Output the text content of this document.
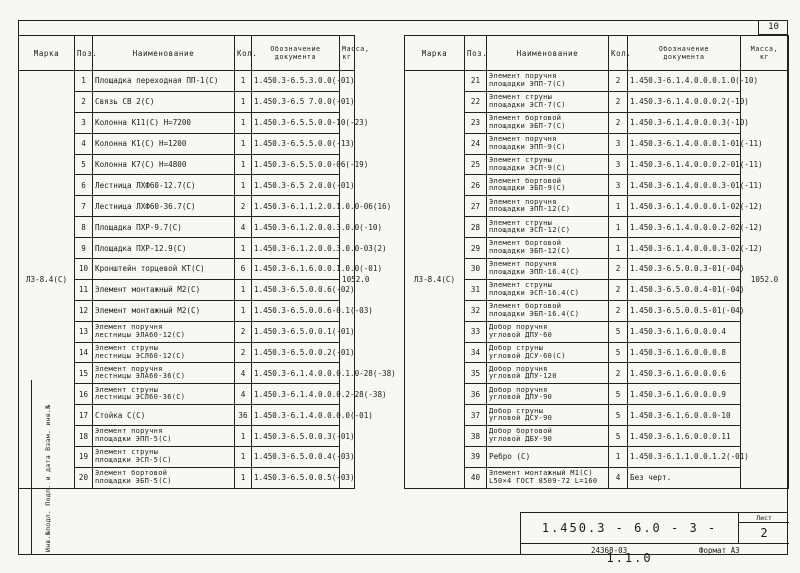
10
Инв.№подл. Подп. и дата Взам. инв.№
Марка	Поз.	Наименование	Кол.	Обозначение
документа	Масса,
кг

ЛЗ-8.4(С)	1	Площадка переходная ПП-1(С)	1	1.450.3-6.5.3.0.0(-01)	1052.0
	2	Связь СВ 2(С)	1	1.450.3-6.5 7.0.0(-01)	
	3	Колонна К11(С) Н=7200	1	1.450.3-6.5.5.0.0-10(-23)	
	4	Колонна К1(С) Н=1200	1	1.450.3-6.5.5.0.0(-13)	
	5	Колонна К7(С) Н=4800	1	1.450.3-6.5.5.0.0-06(-19)	
	6	Лестница ЛХФ60-12.7(С)	1	1.450.3-6.5 2.0.0(-01)	
	7	Лестница ЛХФ60-36.7(С)	2	1.450.3-6.1.1.2.0.1.0.0-06(16)	
	8	Площадка ПХР-9.7(С)	4	1.450.3-6.1.2.0.0.3.0.0(-10)	
	9	Площадка ПХР-12.9(С)	1	1.450.3-6.1.2.0.0.3.0.0-03(2)	
	10	Кронштейн торцевой КТ(С)	6	1.450.3-6.1.6.0.0.1.0.0(-01)	
	11	Элемент монтажный М2(С)	1	1.450.3-6.5.0.0.6(-02)	
	12	Элемент монтажный М2(С)	1	1.450.3-6.5.0.0.6-0.1(-03)	
	13	Элемент поручня
лестницы ЭЛА60-12(С)	2	1.450.3-6.5.0.0.1(-01)	
	14	Элемент струны
лестницы ЭСЛ60-12(С)	2	1.450.3-6.5.0.0.2(-01)	
	15	Элемент поручня
лестницы ЭЛА60-36(С)	4	1.450.3-6.1.4.0.0.0.1.0-28(-38)	
	16	Элемент струны
лестницы ЭСЛ60-36(С)	4	1.450.3-6.1.4.0.0.0.2-28(-38)	
	17	Стойка С(С)	36	1.450.3-6.1.4.0.0.0.0(-01)	
	18	Элемент поручня
площадки ЭПП-5(С)	1	1.450.3-6.5.0.0.3(-01)	
	19	Элемент струны
площадки ЭСП-5(С)	1	1.450.3-6.5.0.0.4(-03)	
	20	Элемент бортовой
площадки ЭБП-5(С)	1	1.450.3-6.5.0.0.5(-03)	
Марка	Поз.	Наименование	Кол.	Обозначение
документа	Масса,
кг

ЛЗ-8.4(С)	21	Элемент поручня
площадки ЭПП-7(С)	2	1.450.3-6.1.4.0.0.0.1.0(-10)	1052.0
	22	Элемент струны
площадки ЭСП-7(С)	2	1.450.3-6.1.4.0.0.0.2(-10)	
	23	Элемент бортовой
площадки ЭБП-7(С)	2	1.450.3-6.1.4.0.0.0.3(-10)	
	24	Элемент поручня
площадки ЭПП-9(С)	3	1.450.3-6.1.4.0.0.0.1-01(-11)	
	25	Элемент струны
площадки ЭСП-9(С)	3	1.450.3-6.1.4.0.0.0.2-01(-11)	
	26	Элемент бортовой
площадки ЭБП-9(С)	3	1.450.3-6.1.4.0.0.0.3-01(-11)	
	27	Элемент поручня
площадки ЭПП-12(С)	1	1.450.3-6.1.4.0.0.0.1-02(-12)	
	28	Элемент струны
площадки ЭСП-12(С)	1	1.450.3-6.1.4.0.0.0.2-02(-12)	
	29	Элемент бортовой
площадки ЭБП-12(С)	1	1.450.3-6.1.4.0.0.0.3-02(-12)	
	30	Элемент поручня
площадки ЭПП-16.4(С)	2	1.450.3-6.5.0.0.3-01(-04)	
	31	Элемент струны
площадки ЭСП-16.4(С)	2	1.450.3-6.5.0.0.4-01(-04)	
	32	Элемент бортовой
площадки ЭБП-16.4(С)	2	1.450.3-6.5.0.0.5-01(-04)	
	33	Добор поручня
угловой ДПУ-60	5	1.450.3-6.1.6.0.0.0.4	
	34	Добор струны
угловой ДСУ-60(С)	5	1.450.3-6.1.6.0.0.0.8	
	35	Добор поручня
угловой ДПУ-120	2	1.450.3-6.1.6.0.0.0.6	
	36	Добор поручня
угловой ДПУ-90	5	1.450.3-6.1.6.0.0.0.9	
	37	Добор струны
угловой ДСУ-90	5	1.450.3-6.1.6.0.0.0-10	
	38	Добор бортовой
угловой ДБУ-90	5	1.450.3-6.1.6.0.0.0.11	
	39	Ребро (С)	1	1.450.3-6.1.1.0.0.1.2(-01)	
	40	Элемент монтажный М1(С)
L50×4 ГОСТ 8509-72 L=160	4	Без черт.	
1.450.3 - 6.0 - 3 - 1.1.0
Лист
2
24368-03	Формат А3
